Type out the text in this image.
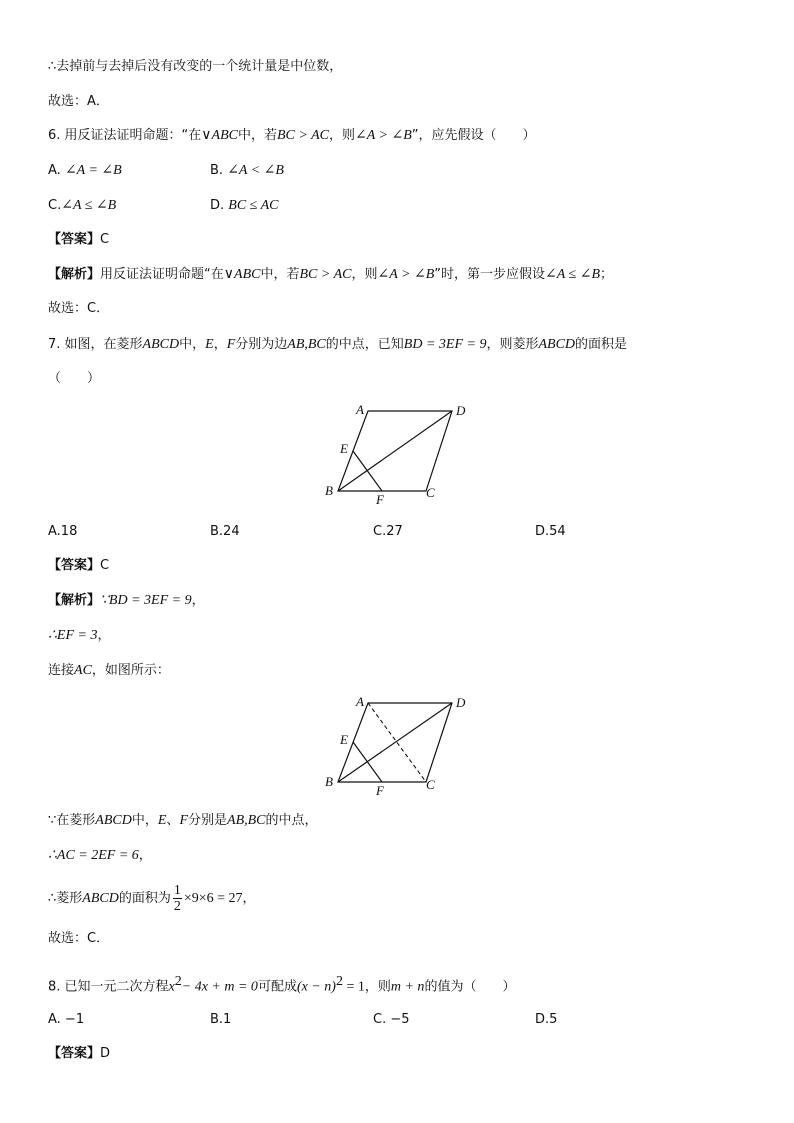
∴去掉前与去掉后没有改变的一个统计量是中位数，
故选：A．
6. 用反证法证明命题：“在∨ABC中，若BC > AC，则∠A > ∠B”，应先假设（　　）
A. ∠A = ∠B	B. ∠A < ∠B
C.∠A ≤ ∠B	D. BC ≤ AC
【答案】C
【解析】用反证法证明命题“在∨ABC中，若BC > AC，则∠A > ∠B”时，第一步应假设∠A ≤ ∠B；
故选：C．
7. 如图，在菱形ABCD中，E，F分别为边AB,BC的中点，已知BD = 3EF = 9，则菱形ABCD的面积是
（　　）
A	D
E
B
F	C
A.18	B.24	C.27	D.54
【答案】C
【解析】∵BD = 3EF = 9，
∴EF = 3，
连接AC，如图所示：
A	D
E
B
F	C
∵在菱形ABCD中，E、F分别是AB,BC的中点，
∴AC = 2EF = 6，
∴菱形ABCD的面积为 $\frac{1}{2} \times 9\times 6 = 27$，
故选：C．
8. 已知一元二次方程$x^2- 4x + m = 0$可配成$(x - n)^2 = 1$，则m + n的值为（　　）
A. −1	B.1	C. −5	D.5
【答案】D
